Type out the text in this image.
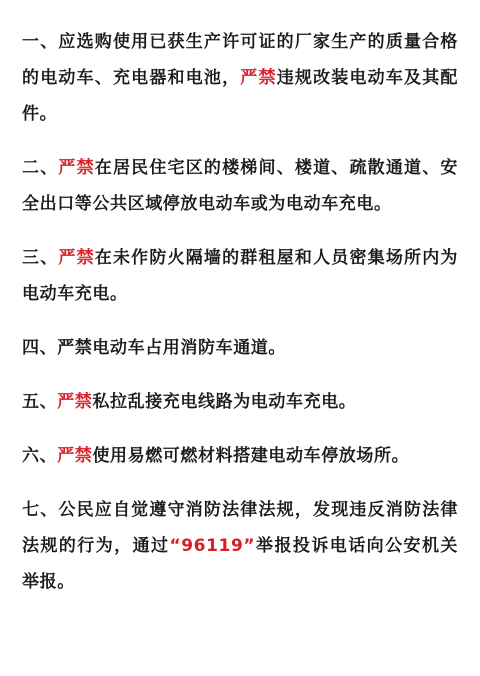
一、应选购使用已获生产许可证的厂家生产的质量合格的电动车、充电器和电池，严禁违规改装电动车及其配件。

二、严禁在居民住宅区的楼梯间、楼道、疏散通道、安全出口等公共区域停放电动车或为电动车充电。

三、严禁在未作防火隔墙的群租屋和人员密集场所内为电动车充电。

四、严禁电动车占用消防车通道。

五、严禁私拉乱接充电线路为电动车充电。

六、严禁使用易燃可燃材料搭建电动车停放场所。

七、公民应自觉遵守消防法律法规，发现违反消防法律法规的行为，通过“96119”举报投诉电话向公安机关举报。
